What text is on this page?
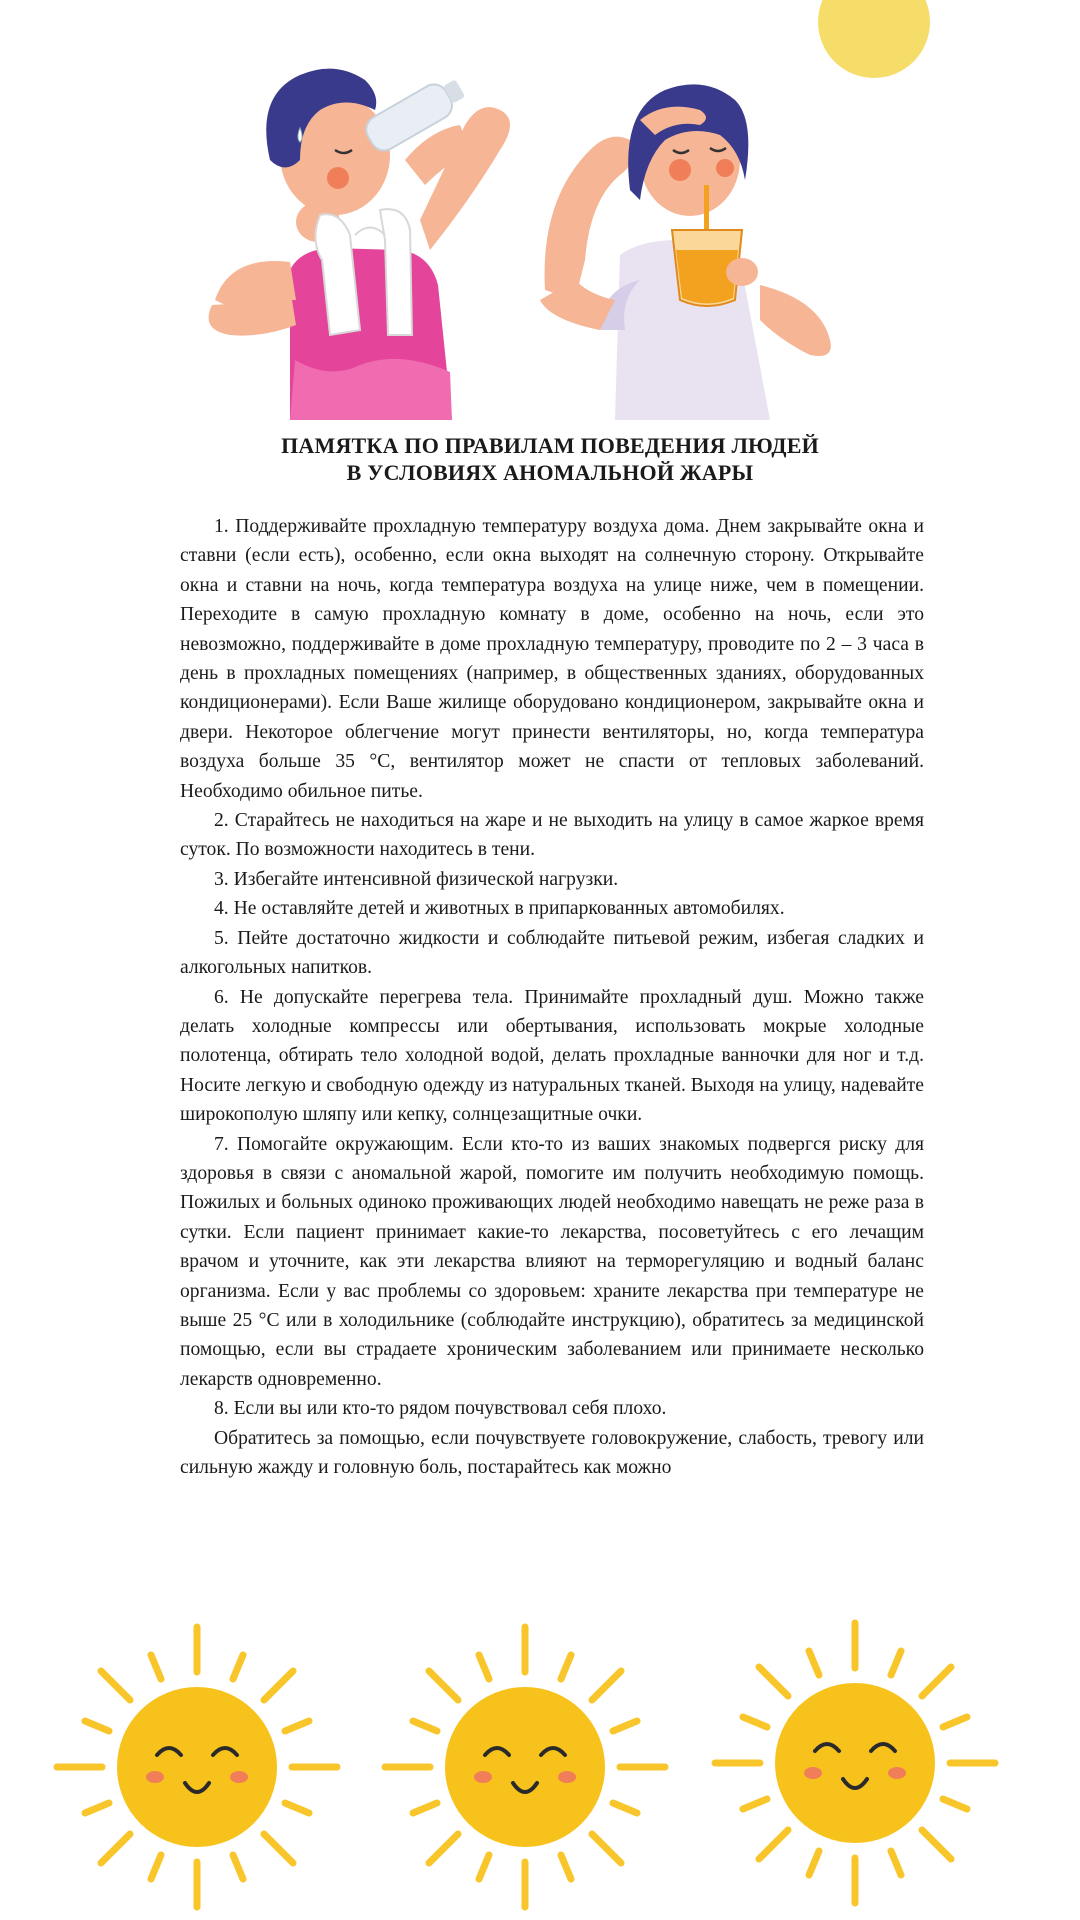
ПАМЯТКА ПО ПРАВИЛАМ ПОВЕДЕНИЯ ЛЮДЕЙ
В УСЛОВИЯХ АНОМАЛЬНОЙ ЖАРЫ

1. Поддерживайте прохладную температуру воздуха дома. Днем закрывайте окна и ставни (если есть), особенно, если окна выходят на солнечную сторону. Открывайте окна и ставни на ночь, когда температура воздуха на улице ниже, чем в помещении. Переходите в самую прохладную комнату в доме, особенно на ночь, если это невозможно, поддерживайте в доме прохладную температуру, проводите по 2 – 3 часа в день в прохладных помещениях (например, в общественных зданиях, оборудованных кондиционерами). Если Ваше жилище оборудовано кондиционером, закрывайте окна и двери. Некоторое облегчение могут принести вентиляторы, но, когда температура воздуха больше 35 °С, вентилятор может не спасти от тепловых заболеваний. Необходимо обильное питье.

2. Старайтесь не находиться на жаре и не выходить на улицу в самое жаркое время суток. По возможности находитесь в тени.

3. Избегайте интенсивной физической нагрузки.

4. Не оставляйте детей и животных в припаркованных автомобилях.

5. Пейте достаточно жидкости и соблюдайте питьевой режим, избегая сладких и алкогольных напитков.

6. Не допускайте перегрева тела. Принимайте прохладный душ. Можно также делать холодные компрессы или обертывания, использовать мокрые холодные полотенца, обтирать тело холодной водой, делать прохладные ванночки для ног и т.д. Носите легкую и свободную одежду из натуральных тканей. Выходя на улицу, надевайте широкополую шляпу или кепку, солнцезащитные очки.

7. Помогайте окружающим. Если кто-то из ваших знакомых подвергся риску для здоровья в связи с аномальной жарой, помогите им получить необходимую помощь. Пожилых и больных одиноко проживающих людей необходимо навещать не реже раза в сутки. Если пациент принимает какие-то лекарства, посоветуйтесь с его лечащим врачом и уточните, как эти лекарства влияют на терморегуляцию и водный баланс организма. Если у вас проблемы со здоровьем: храните лекарства при температуре не выше 25 °С или в холодильнике (соблюдайте инструкцию), обратитесь за медицинской помощью, если вы страдаете хроническим заболеванием или принимаете несколько лекарств одновременно.

8. Если вы или кто-то рядом почувствовал себя плохо.

Обратитесь за помощью, если почувствуете головокружение, слабость, тревогу или сильную жажду и головную боль, постарайтесь как можно
